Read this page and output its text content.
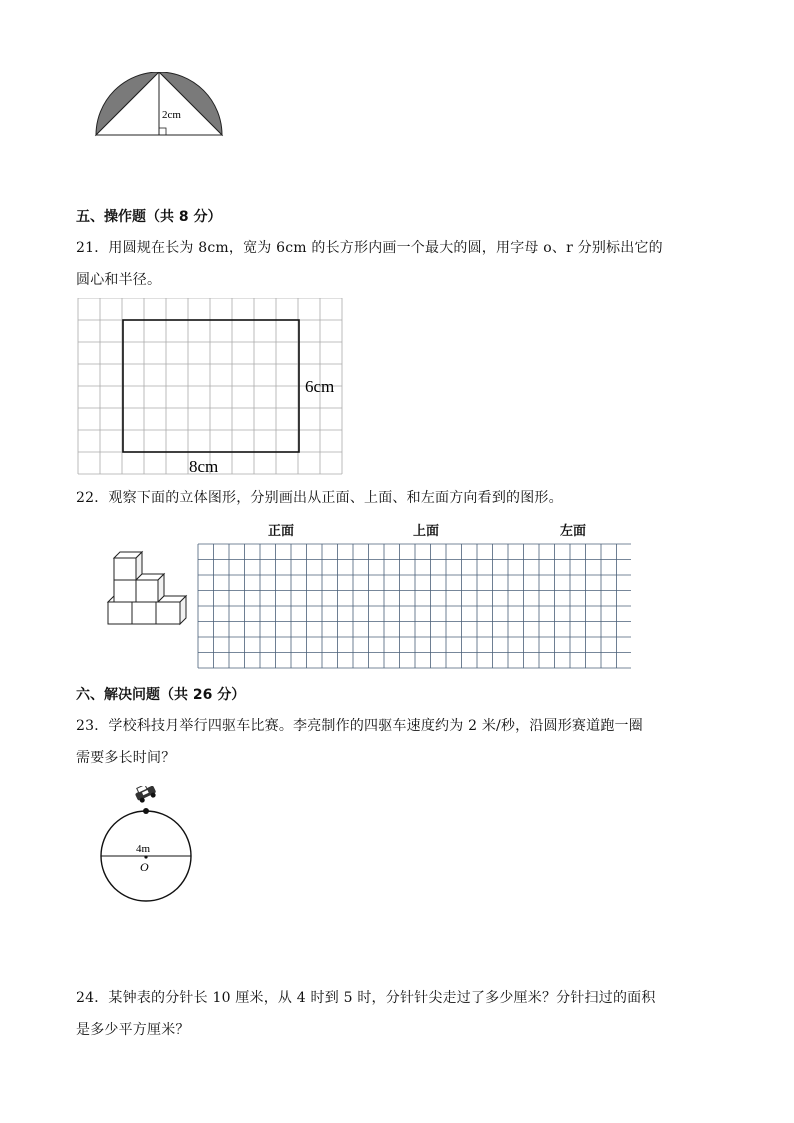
2cm
五、操作题（共 8 分）
21．用圆规在长为 8cm，宽为 6cm 的长方形内画一个最大的圆，用字母 o、r 分别标出它的
圆心和半径。
6cm
8cm
22．观察下面的立体图形，分别画出从正面、上面、和左面方向看到的图形。
正面	上面	左面
六、解决问题（共 26 分）
23．学校科技月举行四驱车比赛。李亮制作的四驱车速度约为 2 米/秒，沿圆形赛道跑一圈
需要多长时间？
4m
O
24．某钟表的分针长 10 厘米，从 4 时到 5 时，分针针尖走过了多少厘米？分针扫过的面积
是多少平方厘米？
